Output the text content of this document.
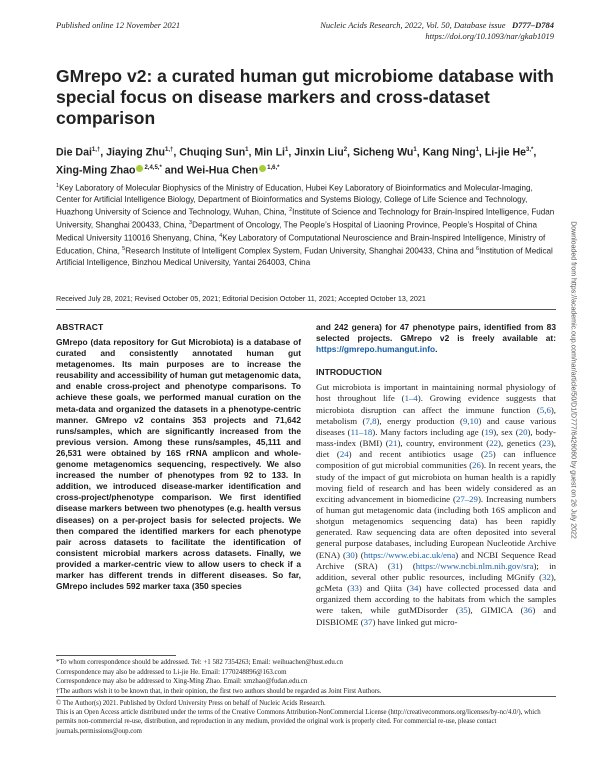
Published online 12 November 2021	Nucleic Acids Research, 2022, Vol. 50, Database issue D777–D784
https://doi.org/10.1093/nar/gkab1019
GMrepo v2: a curated human gut microbiome database with special focus on disease markers and cross-dataset comparison
Die Dai$^{1,\dagger}$, Jiaying Zhu$^{1,\dagger}$, Chuqing Sun$^1$, Min Li$^1$, Jinxin Liu$^2$, Sicheng Wu$^1$, Kang Ning$^1$, Li-jie $He^{3,*}$, Xing-Ming Zhao $^{2,4,5,*}$ and Wei-Hua Chen $^{1,6,*}$
$^1$Key Laboratory of Molecular Biophysics of the Ministry of Education, Hubei Key Laboratory of Bioinformatics and Molecular-Imaging, Center for Artificial Intelligence Biology, Department of Bioinformatics and Systems Biology, College of Life Science and Technology, Huazhong University of Science and Technology, Wuhan, China, $^2$Institute of Science and Technology for Brain-Inspired Intelligence, Fudan University, Shanghai 200433, China, $^3$Department of Oncology, The People’s Hospital of Liaoning Province, People’s Hospital of China Medical University 110016 Shenyang, China, $^4$Key Laboratory of Computational Neuroscience and Brain-Inspired Intelligence, Ministry of Education, China, $^5$Research Institute of Intelligent Complex System, Fudan University, Shanghai 200433, China and $^6$Institution of Medical Artificial Intelligence, Binzhou Medical University, Yantai 264003, China
Received July 28, 2021; Revised October 05, 2021; Editorial Decision October 11, 2021; Accepted October 13, 2021
ABSTRACT

GMrepo (data repository for Gut Microbiota) is a database of curated and consistently annotated human gut metagenomes. Its main purposes are to increase the reusability and accessibility of human gut metagenomic data, and enable cross-project and phenotype comparisons. To achieve these goals, we performed manual curation on the meta-data and organized the datasets in a phenotype-centric manner. GMrepo v2 contains 353 projects and 71,642 runs/samples, which are significantly increased from the previous version. Among these runs/samples, 45,111 and 26,531 were obtained by 16S rRNA amplicon and whole-genome metagenomics sequencing, respectively. We also increased the number of phenotypes from 92 to 133. In addition, we introduced disease-marker identification and cross-project/phenotype comparison. We first identified disease markers between two phenotypes (e.g. health versus diseases) on a per-project basis for selected projects. We then compared the identified markers for each phenotype pair across datasets to facilitate the identification of consistent microbial markers across datasets. Finally, we provided a marker-centric view to allow users to check if a marker has different trends in different diseases. So far, GMrepo includes 592 marker taxa (350 species

and 242 genera) for 47 phenotype pairs, identified from 83 selected projects. GMrepo v2 is freely available at: https://gmrepo.humangut.info.

INTRODUCTION

Gut microbiota is important in maintaining normal physiology of host throughout life (1–4). Growing evidence suggests that microbiota disruption can affect the immune function (5,6), metabolism (7,8), energy production (9,10) and cause various diseases (11–18). Many factors including age (19), sex (20), body-mass-index (BMI) (21), country, environment (22), genetics (23), diet (24) and recent antibiotics usage (25) can influence composition of gut microbial communities (26). In recent years, the study of the impact of gut microbiota on human health is a rapidly moving field of research and has been widely considered as an exciting advancement in biomedicine (27–29). Increasing numbers of human gut metagenomic data (including both 16S amplicon and shotgun metagenomics sequencing data) has been rapidly generated. Raw sequencing data are often deposited into several general purpose databases, including European Nucleotide Archive (ENA) (30) (https://www.ebi.ac.uk/ena) and NCBI Sequence Read Archive (SRA) (31) (https://www.ncbi.nlm.nih.gov/sra); in addition, several other public resources, including MGnify (32), gcMeta (33) and Qiita (34) have collected processed data and organized them according to the habitats from which the samples were taken, while gutMDisorder (35), GIMICA (36) and DISBIOME (37) have linked gut micro-

*To whom correspondence should be addressed. Tel: +1 582 7354263; Email: weihuachen@hust.edu.cn
Correspondence may also be addressed to Li-jie He. Email: 1770248896@163.com
Correspondence may also be addressed to Xing-Ming Zhao. Email: xmzhao@fudan.edu.cn
†The authors wish it to be known that, in their opinion, the first two authors should be regarded as Joint First Authors.
© The Author(s) 2021. Published by Oxford University Press on behalf of Nucleic Acids Research.
This is an Open Access article distributed under the terms of the Creative Commons Attribution-NonCommercial License (http://creativecommons.org/licenses/by-nc/4.0/), which permits non-commercial re-use, distribution, and reproduction in any medium, provided the original work is properly cited. For commercial re-use, please contact journals.permissions@oup.com
Downloaded from https://academic.oup.com/nar/article/50/D1/D777/6426060 by guest on 26 July 2022
